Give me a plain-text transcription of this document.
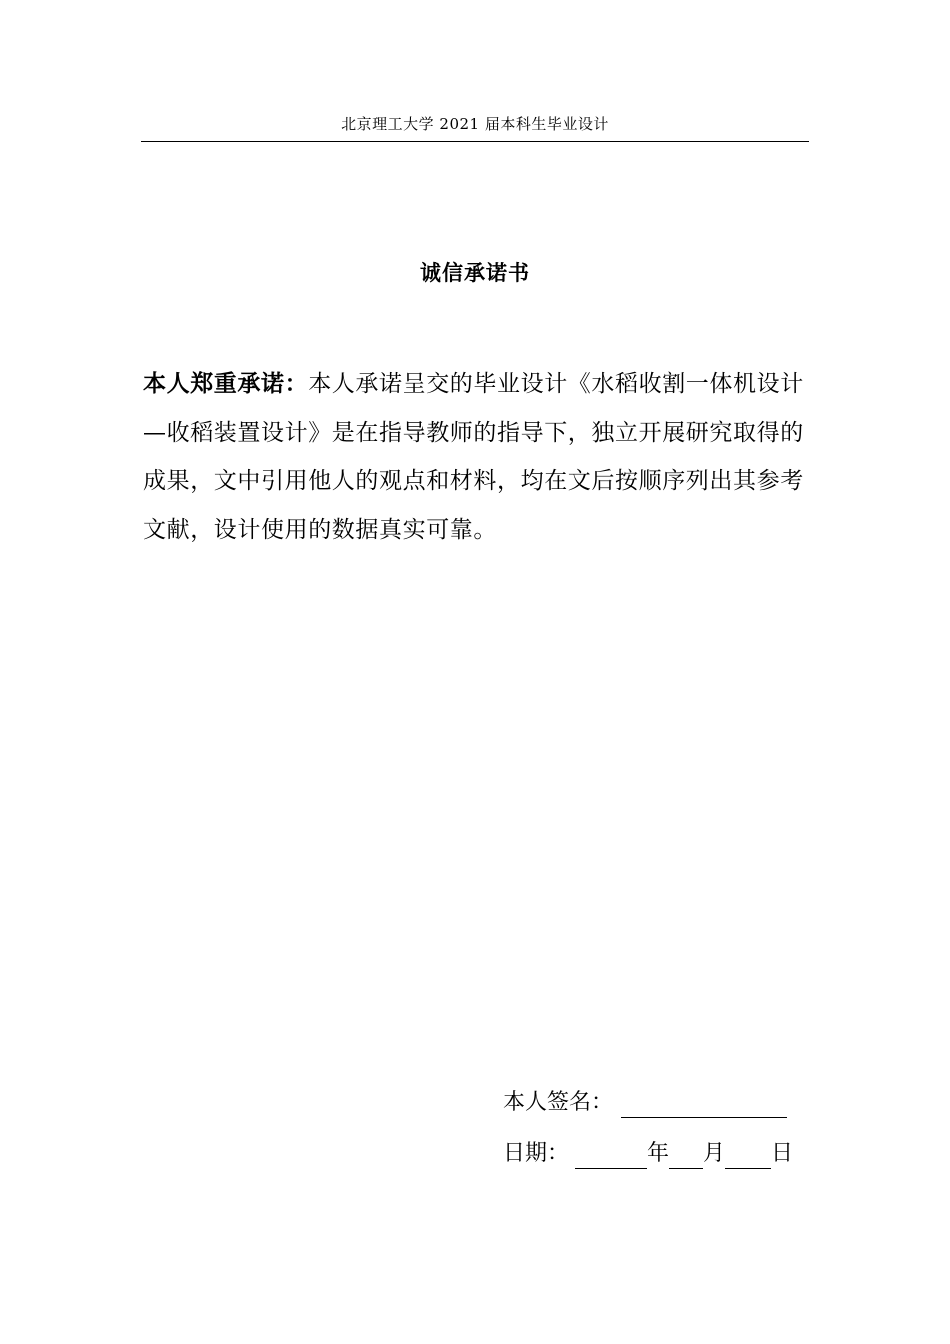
北京理工大学 2021 届本科生毕业设计
诚信承诺书
本人郑重承诺：本人承诺呈交的毕业设计《水稻收割一体机设计—收稻装置设计》是在指导教师的指导下，独立开展研究取得的成果，文中引用他人的观点和材料，均在文后按顺序列出其参考文献，设计使用的数据真实可靠。
本人签名：
日期：	年 月 日
